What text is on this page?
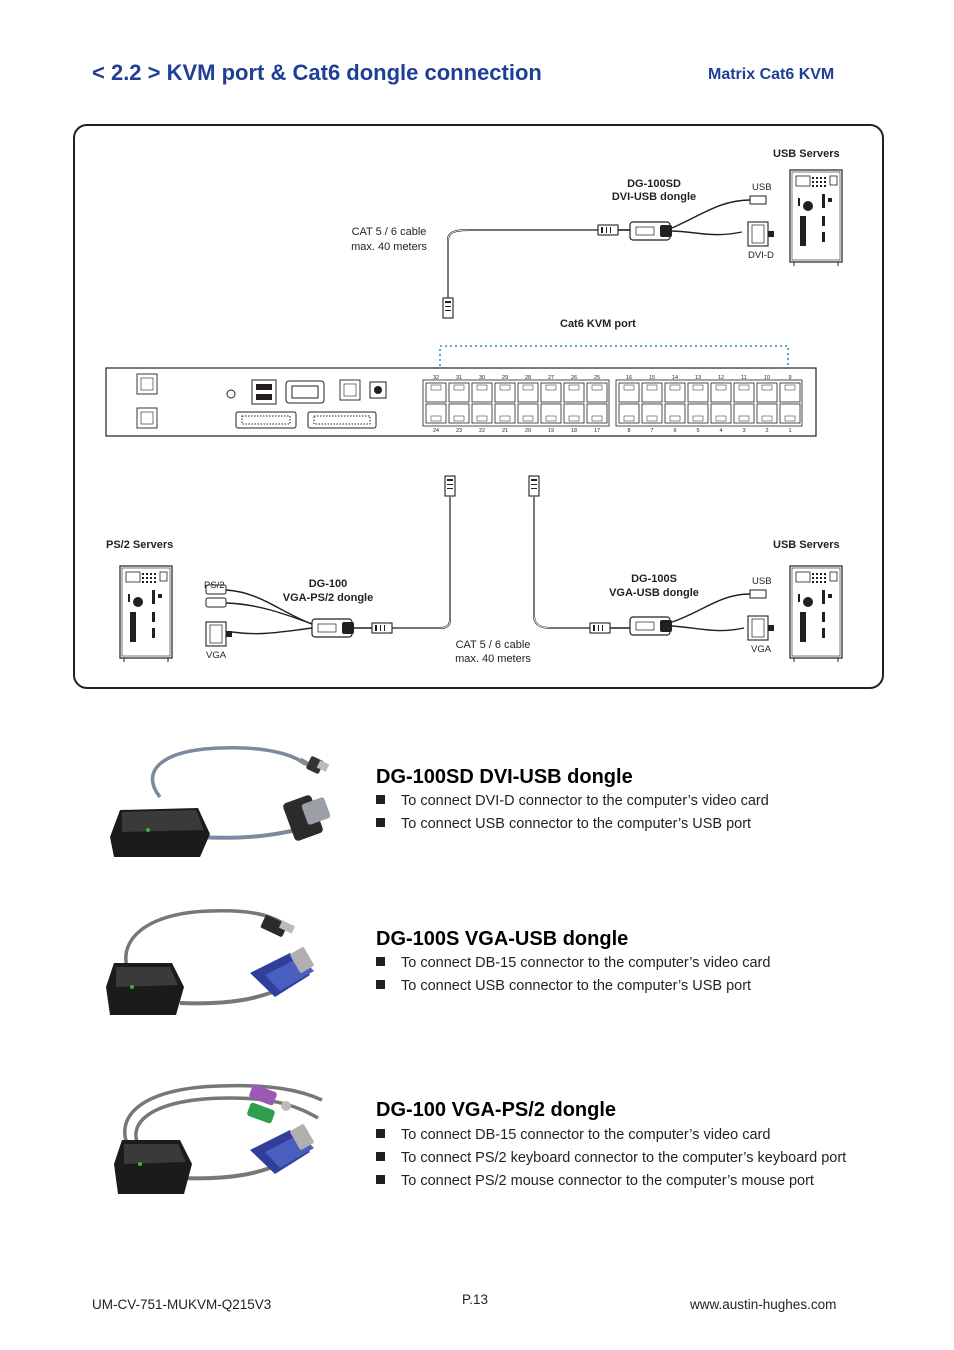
< 2.2 > KVM port & Cat6 dongle connection	Matrix Cat6 KVM
32
24
31
23
30
22
29
21
28
20
27
19
26
18
25
17
16
8
15
7
14
6
13
5
12
4
11
3
10
2
9
1
USB Servers
DG-100SD
DVI-USB dongle
USB
DVI-D
CAT 5 / 6 cable
max. 40 meters
Cat6 KVM port
PS/2 Servers	USB Servers
PS/2
VGA
DG-100
VGA-PS/2 dongle
DG-100S
VGA-USB dongle
USB
VGA
CAT 5 / 6 cable
max. 40 meters
DG-100SD DVI-USB dongle
To connect DVI-D connector to the computer’s video card
To connect USB connector to the computer’s USB port
DG-100S VGA-USB dongle
To connect DB-15 connector to the computer’s video card
To connect USB connector to the computer’s USB port
DG-100 VGA-PS/2 dongle
To connect DB-15 connector to the computer’s video card
To connect PS/2 keyboard connector to the computer’s keyboard port
To connect PS/2 mouse connector to the computer’s mouse port
UM-CV-751-MUKVM-Q215V3	P.13	www.austin-hughes.com
